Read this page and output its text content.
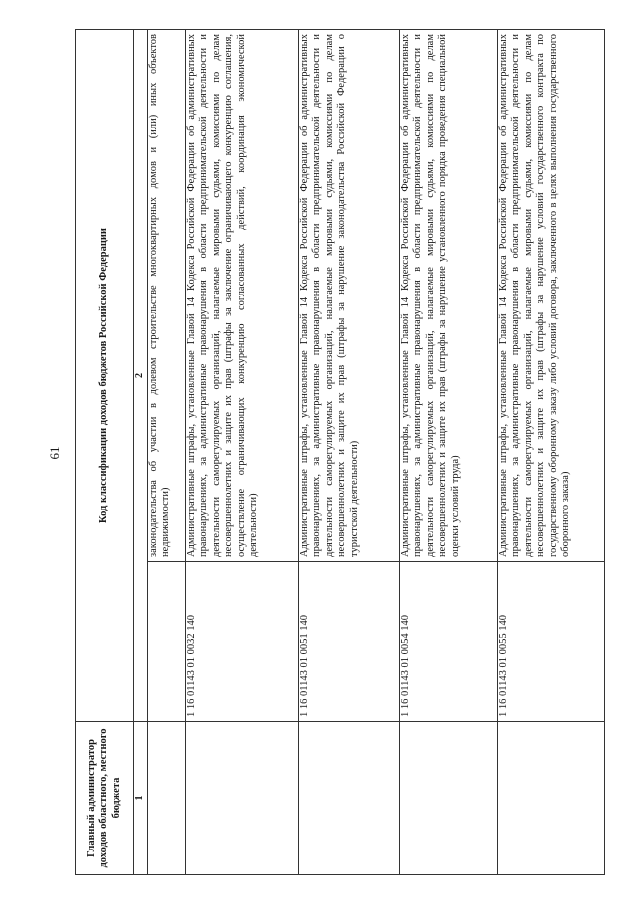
61
Главный администратор доходов областного, местного бюджета	Код классификации доходов бюджетов Российской Федерации	
1	2	
		законодательства об участии в долевом строительстве многоквартирных домов и (или) иных объектов недвижимости)
	1 16 01143 01 0032 140	Административные штрафы, установленные Главой 14 Кодекса Российской Федерации об административных правонарушениях, за административные правонарушения в области предпринимательской деятельности и деятельности саморегулируемых организаций, налагаемые мировыми судьями, комиссиями по делам несовершеннолетних и защите их прав (штрафы за заключение ограничивающего конкуренцию соглашения, осуществление ограничивающих конкуренцию согласованных действий, координация экономической деятельности)
	1 16 01143 01 0051 140	Административные штрафы, установленные Главой 14 Кодекса Российской Федерации об административных правонарушениях, за административные правонарушения в области предпринимательской деятельности и деятельности саморегулируемых организаций, налагаемые мировыми судьями, комиссиями по делам несовершеннолетних и защите их прав (штрафы за нарушение законодательства Российской Федерации о туристской деятельности)
	1 16 01143 01 0054 140	Административные штрафы, установленные Главой 14 Кодекса Российской Федерации об административных правонарушениях, за административные правонарушения в области предпринимательской деятельности и деятельности саморегулируемых организаций, налагаемые мировыми судьями, комиссиями по делам несовершеннолетних и защите их прав (штрафы за нарушение установленного порядка проведения специальной оценки условий труда)
	1 16 01143 01 0055 140	Административные штрафы, установленные Главой 14 Кодекса Российской Федерации об административных правонарушениях, за административные правонарушения в области предпринимательской деятельности и деятельности саморегулируемых организаций, налагаемые мировыми судьями, комиссиями по делам несовершеннолетних и защите их прав (штрафы за нарушение условий государственного контракта по государственному оборонному заказу либо условий договора, заключенного в целях выполнения государственного оборонного заказа)
